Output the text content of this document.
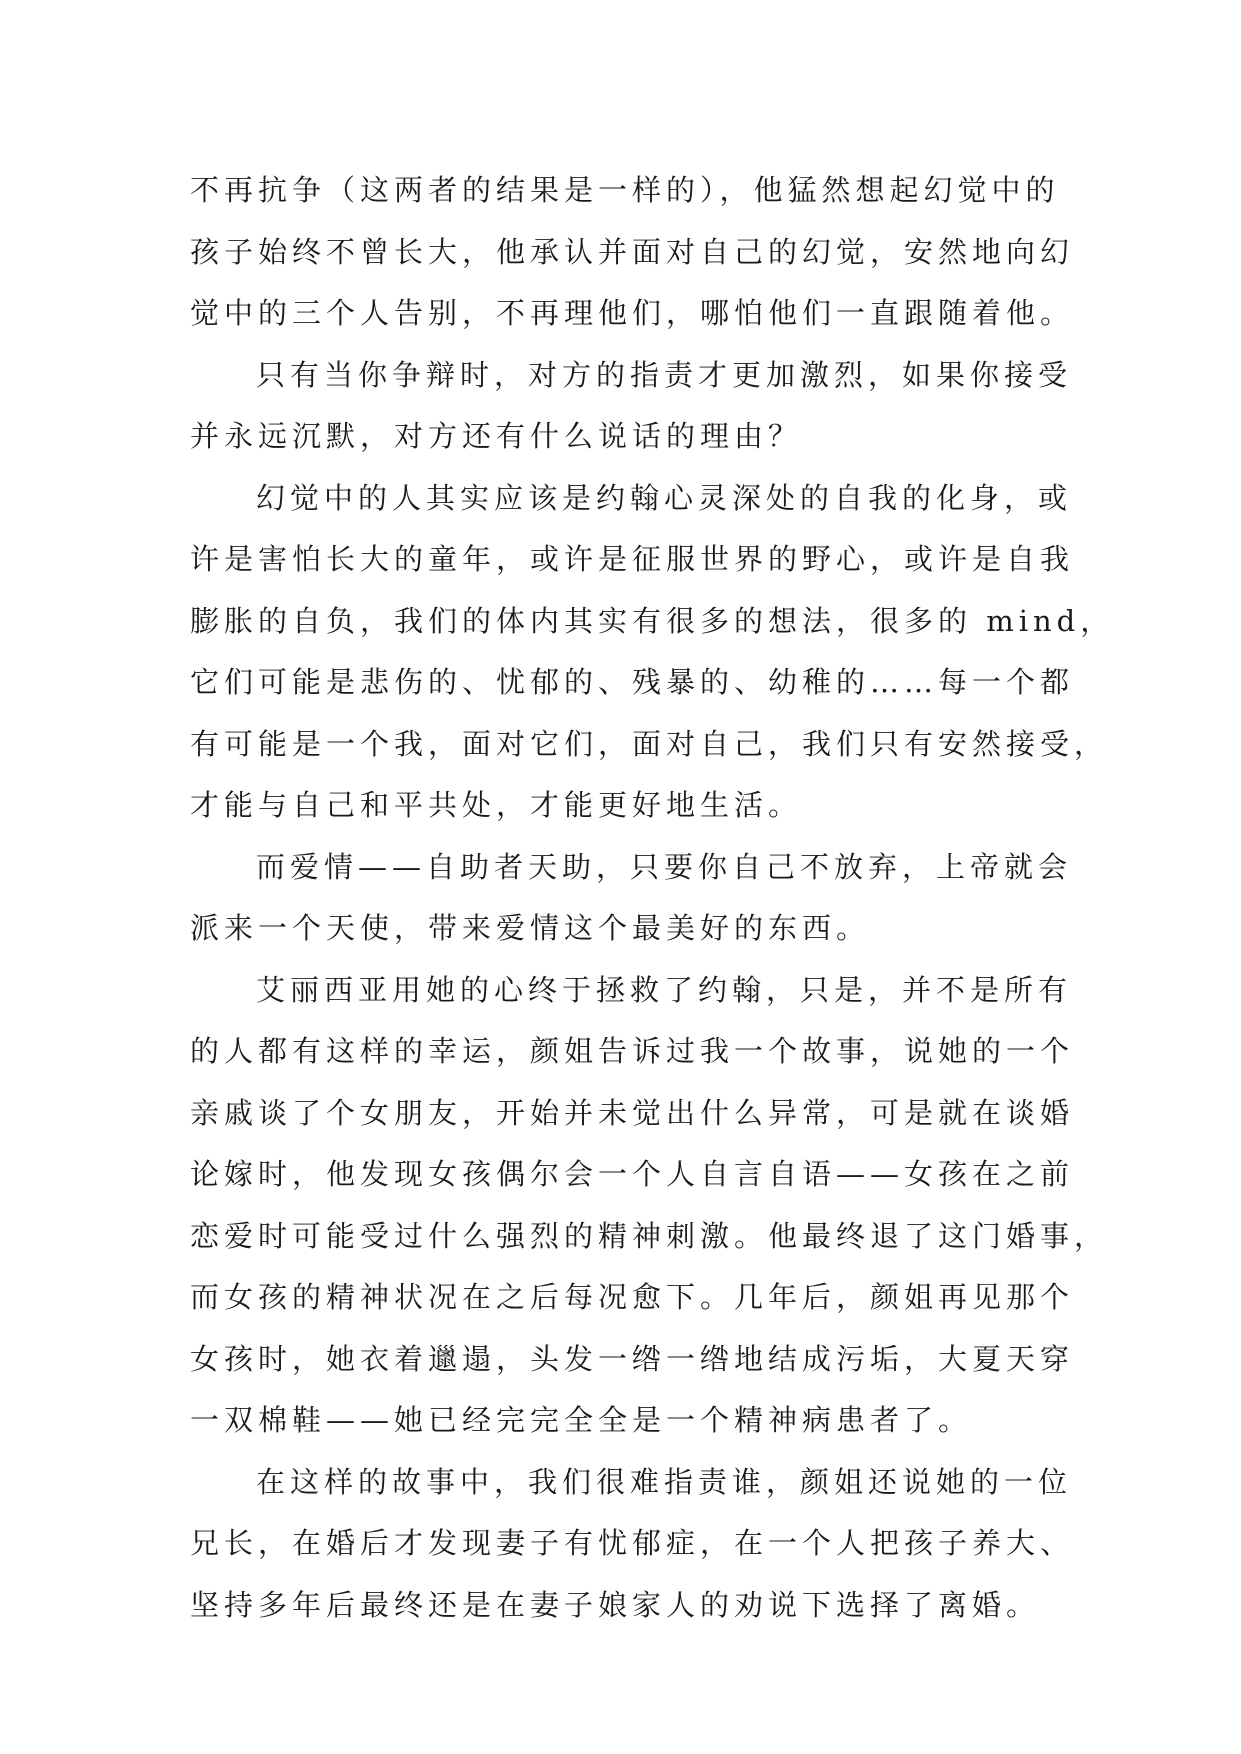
不再抗争（这两者的结果是一样的），他猛然想起幻觉中的
孩子始终不曾长大，他承认并面对自己的幻觉，安然地向幻
觉中的三个人告别，不再理他们，哪怕他们一直跟随着他。
只有当你争辩时，对方的指责才更加激烈，如果你接受
并永远沉默，对方还有什么说话的理由？
幻觉中的人其实应该是约翰心灵深处的自我的化身，或
许是害怕长大的童年，或许是征服世界的野心，或许是自我
膨胀的自负，我们的体内其实有很多的想法，很多的 mind，
它们可能是悲伤的、忧郁的、残暴的、幼稚的……每一个都
有可能是一个我，面对它们，面对自己，我们只有安然接受，
才能与自己和平共处，才能更好地生活。
而爱情——自助者天助，只要你自己不放弃，上帝就会
派来一个天使，带来爱情这个最美好的东西。
艾丽西亚用她的心终于拯救了约翰，只是，并不是所有
的人都有这样的幸运，颜姐告诉过我一个故事，说她的一个
亲戚谈了个女朋友，开始并未觉出什么异常，可是就在谈婚
论嫁时，他发现女孩偶尔会一个人自言自语——女孩在之前
恋爱时可能受过什么强烈的精神刺激。他最终退了这门婚事，
而女孩的精神状况在之后每况愈下。几年后，颜姐再见那个
女孩时，她衣着邋遢，头发一绺一绺地结成污垢，大夏天穿
一双棉鞋——她已经完完全全是一个精神病患者了。
在这样的故事中，我们很难指责谁，颜姐还说她的一位
兄长，在婚后才发现妻子有忧郁症，在一个人把孩子养大、
坚持多年后最终还是在妻子娘家人的劝说下选择了离婚。
